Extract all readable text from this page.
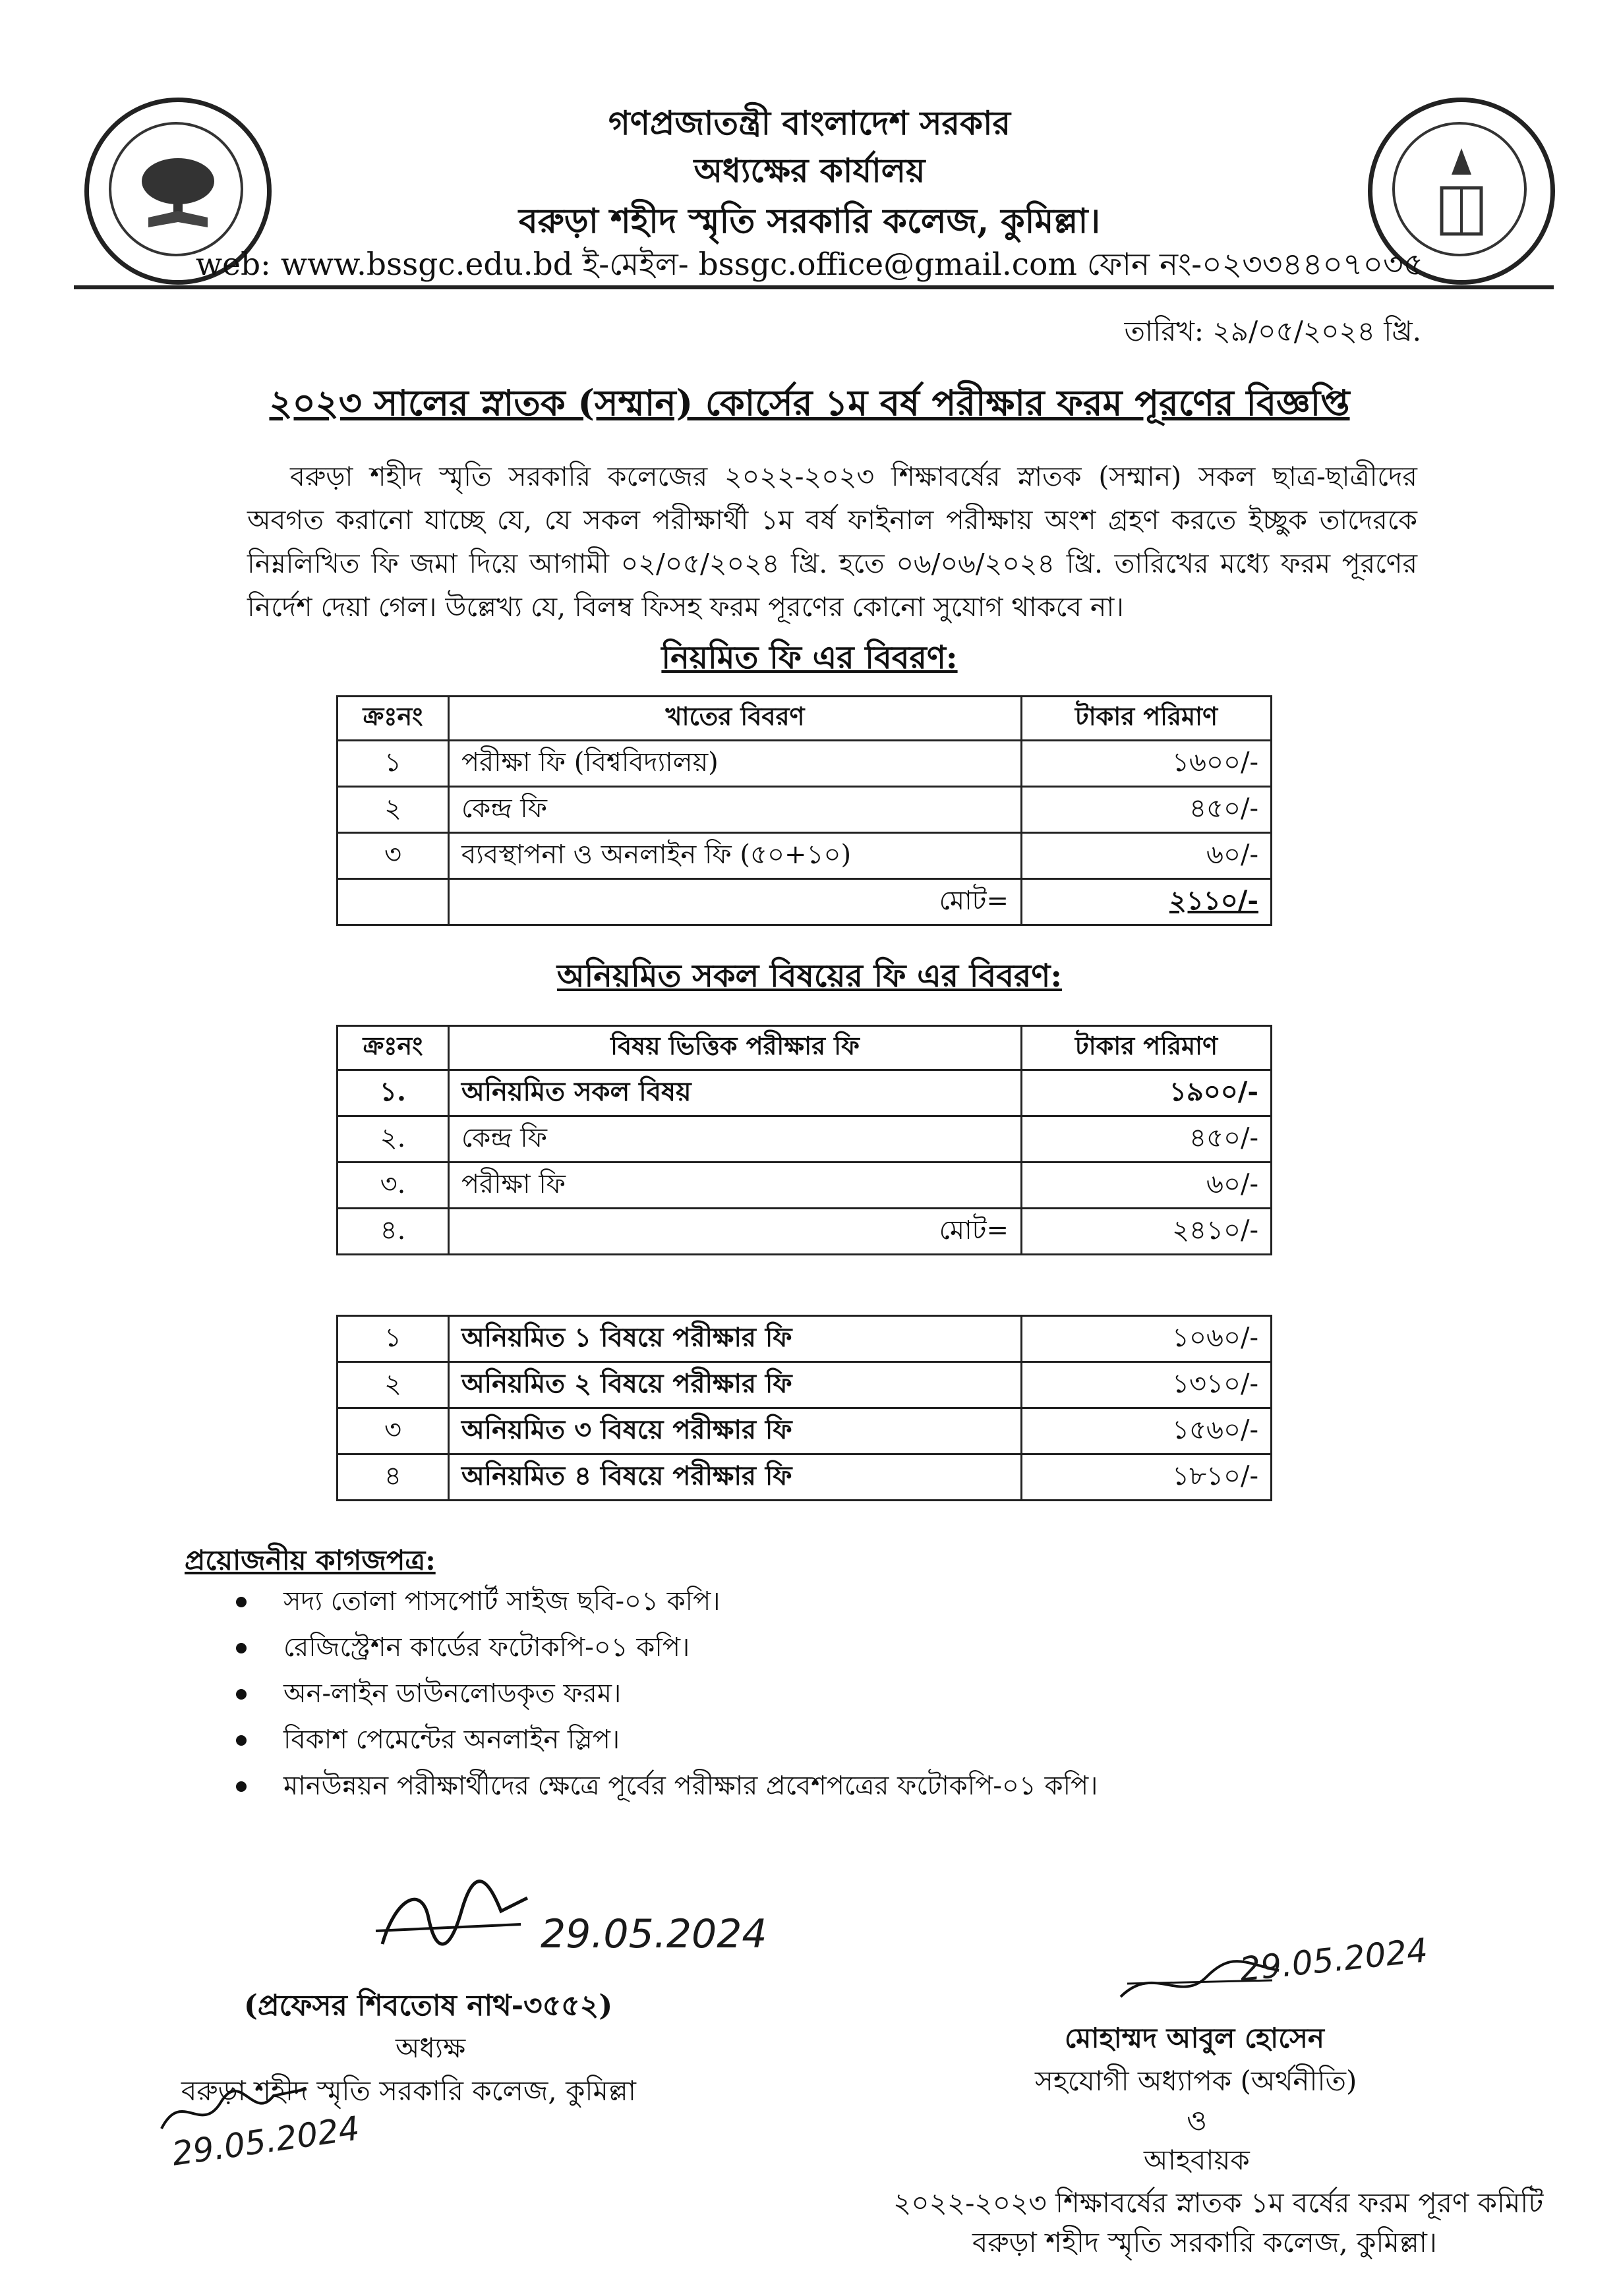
গণপ্রজাতন্ত্রী বাংলাদেশ সরকার
অধ্যক্ষের কার্যালয়
বরুড়া শহীদ স্মৃতি সরকারি কলেজ, কুমিল্লা।
web: www.bssgc.edu.bd ই-মেইল- bssgc.office@gmail.com ফোন নং-০২৩৩৪৪০৭০৩৫
তারিখ: ২৯/০৫/২০২৪ খ্রি.
২০২৩ সালের স্নাতক (সম্মান) কোর্সের ১ম বর্ষ পরীক্ষার ফরম পূরণের বিজ্ঞপ্তি
বরুড়া শহীদ স্মৃতি সরকারি কলেজের ২০২২-২০২৩ শিক্ষাবর্ষের স্নাতক (সম্মান) সকল ছাত্র-ছাত্রীদের অবগত করানো যাচ্ছে যে, যে সকল পরীক্ষার্থী ১ম বর্ষ ফাইনাল পরীক্ষায় অংশ গ্রহণ করতে ইচ্ছুক তাদেরকে নিম্নলিখিত ফি জমা দিয়ে আগামী ০২/০৫/২০২৪ খ্রি. হতে ০৬/০৬/২০২৪ খ্রি. তারিখের মধ্যে ফরম পূরণের নির্দেশ দেয়া গেল। উল্লেখ্য যে, বিলম্ব ফিসহ ফরম পূরণের কোনো সুযোগ থাকবে না।
নিয়মিত ফি এর বিবরণ:
ক্রঃনং	খাতের বিবরণ	টাকার পরিমাণ
১	পরীক্ষা ফি (বিশ্ববিদ্যালয়)	১৬০০/-
২	কেন্দ্র ফি	৪৫০/-
৩	ব্যবস্থাপনা ও অনলাইন ফি (৫০+১০)	৬০/-
	মোট=	২১১০/-
অনিয়মিত সকল বিষয়ের ফি এর বিবরণ:
ক্রঃনং	বিষয় ভিত্তিক পরীক্ষার ফি	টাকার পরিমাণ
১.	অনিয়মিত সকল বিষয়	১৯০০/-
২.	কেন্দ্র ফি	৪৫০/-
৩.	পরীক্ষা ফি	৬০/-
৪.	মোট=	২৪১০/-
১	অনিয়মিত ১ বিষয়ে পরীক্ষার ফি	১০৬০/-
২	অনিয়মিত ২ বিষয়ে পরীক্ষার ফি	১৩১০/-
৩	অনিয়মিত ৩ বিষয়ে পরীক্ষার ফি	১৫৬০/-
৪	অনিয়মিত ৪ বিষয়ে পরীক্ষার ফি	১৮১০/-
প্রয়োজনীয় কাগজপত্র:
সদ্য তোলা পাসপোর্ট সাইজ ছবি-০১ কপি।
রেজিস্ট্রেশন কার্ডের ফটোকপি-০১ কপি।
অন-লাইন ডাউনলোডকৃত ফরম।
বিকাশ পেমেন্টের অনলাইন স্লিপ।
মানউন্নয়ন পরীক্ষার্থীদের ক্ষেত্রে পূর্বের পরীক্ষার প্রবেশপত্রের ফটোকপি-০১ কপি।
29.05.2024
(প্রফেসর শিবতোষ নাথ-৩৫৫২)
অধ্যক্ষ
বরুড়া শহীদ স্মৃতি সরকারি কলেজ, কুমিল্লা
29.05.2024
29.05.2024
মোহাম্মদ আবুল হোসেন
সহযোগী অধ্যাপক (অর্থনীতি)
ও
আহবায়ক
২০২২-২০২৩ শিক্ষাবর্ষের স্নাতক ১ম বর্ষের ফরম পূরণ কমিটি
বরুড়া শহীদ স্মৃতি সরকারি কলেজ, কুমিল্লা।
